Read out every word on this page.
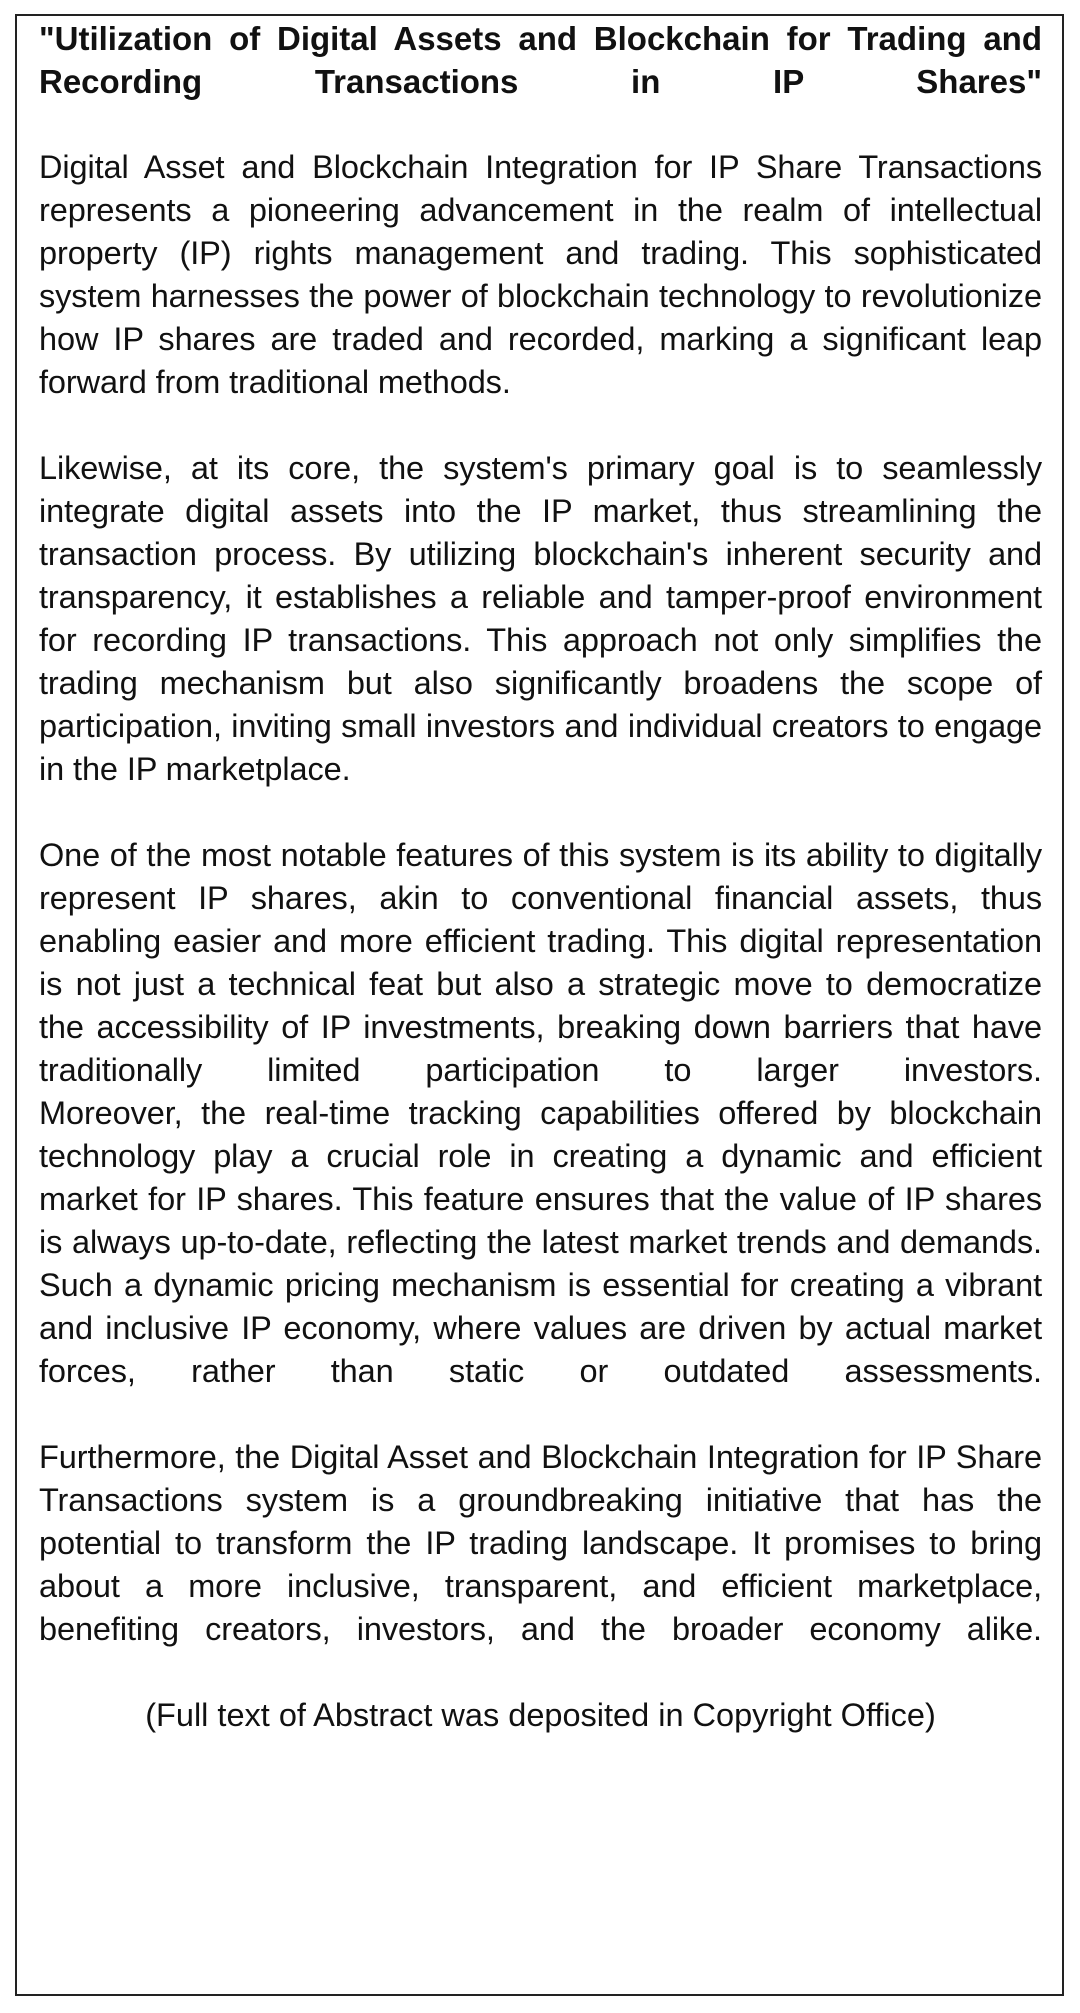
"Utilization of Digital Assets and Blockchain for Trading and Recording Transactions in IP Shares"

Digital Asset and Blockchain Integration for IP Share Transactions represents a pioneering advancement in the realm of intellectual property (IP) rights management and trading. This sophisticated system harnesses the power of blockchain technology to revolutionize how IP shares are traded and recorded, marking a significant leap forward from traditional methods.

Likewise, at its core, the system's primary goal is to seamlessly integrate digital assets into the IP market, thus streamlining the transaction process. By utilizing blockchain's inherent security and transparency, it establishes a reliable and tamper-proof environment for recording IP transactions. This approach not only simplifies the trading mechanism but also significantly broadens the scope of participation, inviting small investors and individual creators to engage in the IP marketplace.

One of the most notable features of this system is its ability to digitally represent IP shares, akin to conventional financial assets, thus enabling easier and more efficient trading. This digital representation is not just a technical feat but also a strategic move to democratize the accessibility of IP investments, breaking down barriers that have traditionally limited participation to larger investors.

Moreover, the real-time tracking capabilities offered by blockchain technology play a crucial role in creating a dynamic and efficient market for IP shares. This feature ensures that the value of IP shares is always up-to-date, reflecting the latest market trends and demands. Such a dynamic pricing mechanism is essential for creating a vibrant and inclusive IP economy, where values are driven by actual market forces, rather than static or outdated assessments.

Furthermore, the Digital Asset and Blockchain Integration for IP Share Transactions system is a groundbreaking initiative that has the potential to transform the IP trading landscape. It promises to bring about a more inclusive, transparent, and efficient marketplace, benefiting creators, investors, and the broader economy alike.

(Full text of Abstract was deposited in Copyright Office)
